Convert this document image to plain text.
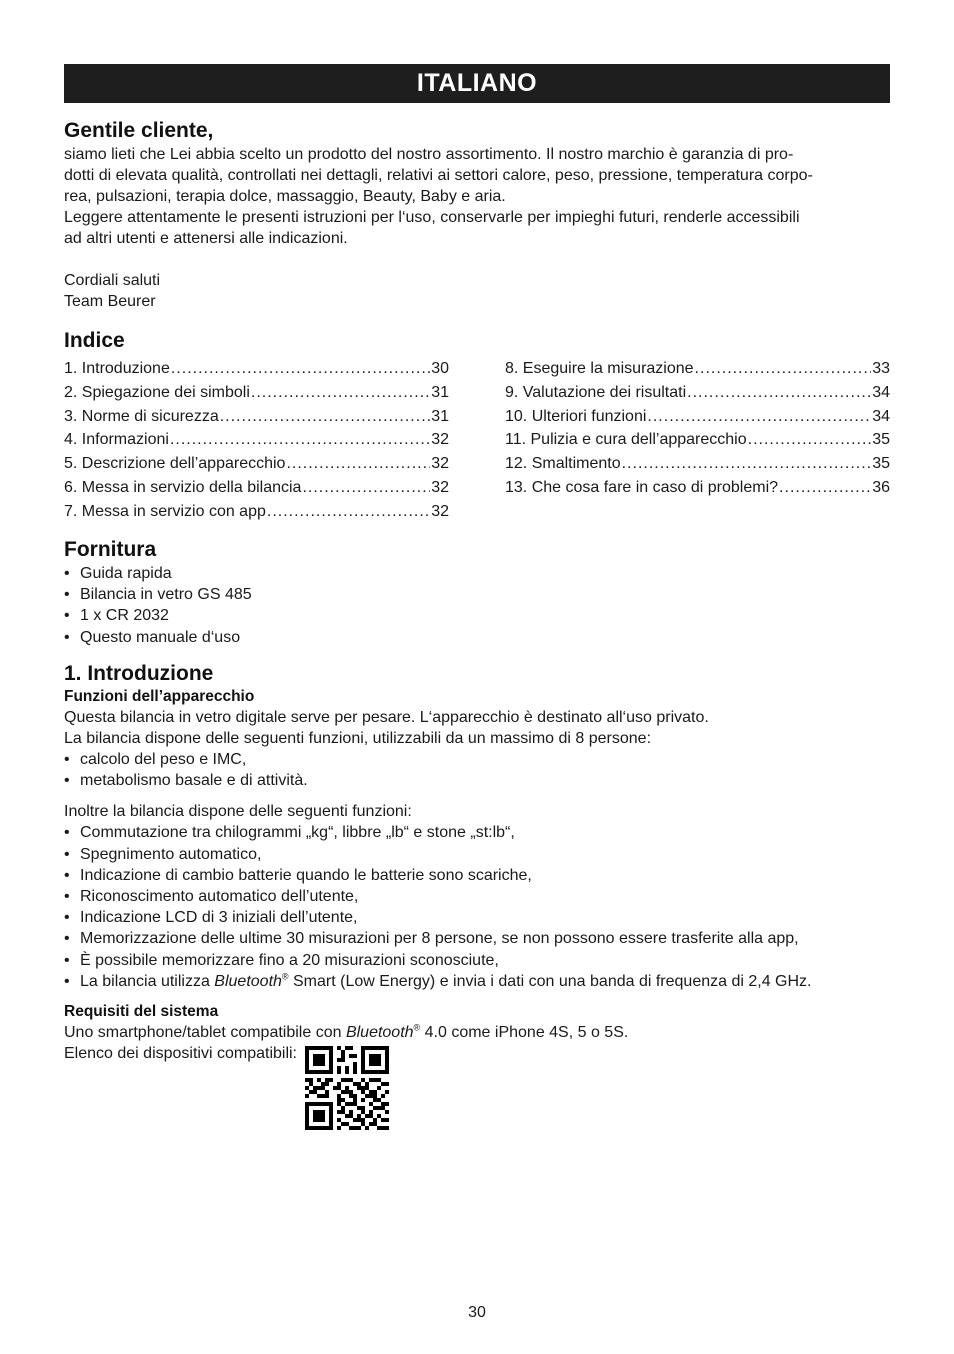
ITALIANO
Gentile cliente,

siamo lieti che Lei abbia scelto un prodotto del nostro assortimento. Il nostro marchio è garanzia di pro-

dotti di elevata qualità, controllati nei dettagli, relativi ai settori calore, peso, pressione, temperatura corpo-

rea, pulsazioni, terapia dolce, massaggio, Beauty, Baby e aria.

Leggere attentamente le presenti istruzioni per l‘uso, conservarle per impieghi futuri, renderle accessibili

ad altri utenti e attenersi alle indicazioni.

Cordiali saluti

Team Beurer

Indice
1. Introduzione .....	30
2. Spiegazione dei simboli .....	31
3. Norme di sicurezza .....	31
4. Informazioni .....	32
5. Descrizione dell’apparecchio .....	32
6. Messa in servizio della bilancia .....	32
7. Messa in servizio con app .....	32
8. Eseguire la misurazione .....	33
9. Valutazione dei risultati .....	34
10. Ulteriori funzioni .....	34
11. Pulizia e cura dell’apparecchio .....	35
12. Smaltimento .....	35
13. Che cosa fare in caso di problemi? .....	36
Fornitura
• Guida rapida
• Bilancia in vetro GS 485
• 1 x CR 2032
• Questo manuale d‘uso
1. Introduzione
Funzioni dell’apparecchio

Questa bilancia in vetro digitale serve per pesare. L‘apparecchio è destinato all‘uso privato.

La bilancia dispone delle seguenti funzioni, utilizzabili da un massimo di 8 persone:

• calcolo del peso e IMC,
• metabolismo basale e di attività.

Inoltre la bilancia dispone delle seguenti funzioni:

• Commutazione tra chilogrammi „kg“, libbre „lb“ e stone „st:lb“,
• Spegnimento automatico,
• Indicazione di cambio batterie quando le batterie sono scariche,
• Riconoscimento automatico dell’utente,
• Indicazione LCD di 3 iniziali dell’utente,
• Memorizzazione delle ultime 30 misurazioni per 8 persone, se non possono essere trasferite alla app,
• È possibile memorizzare fino a 20 misurazioni sconosciute,
• La bilancia utilizza Bluetooth® Smart (Low Energy) e invia i dati con una banda di frequenza di 2,4 GHz.
Requisiti del sistema

Uno smartphone/tablet compatibile con Bluetooth® 4.0 come iPhone 4S, 5 o 5S.

Elenco dei dispositivi compatibili:

30
